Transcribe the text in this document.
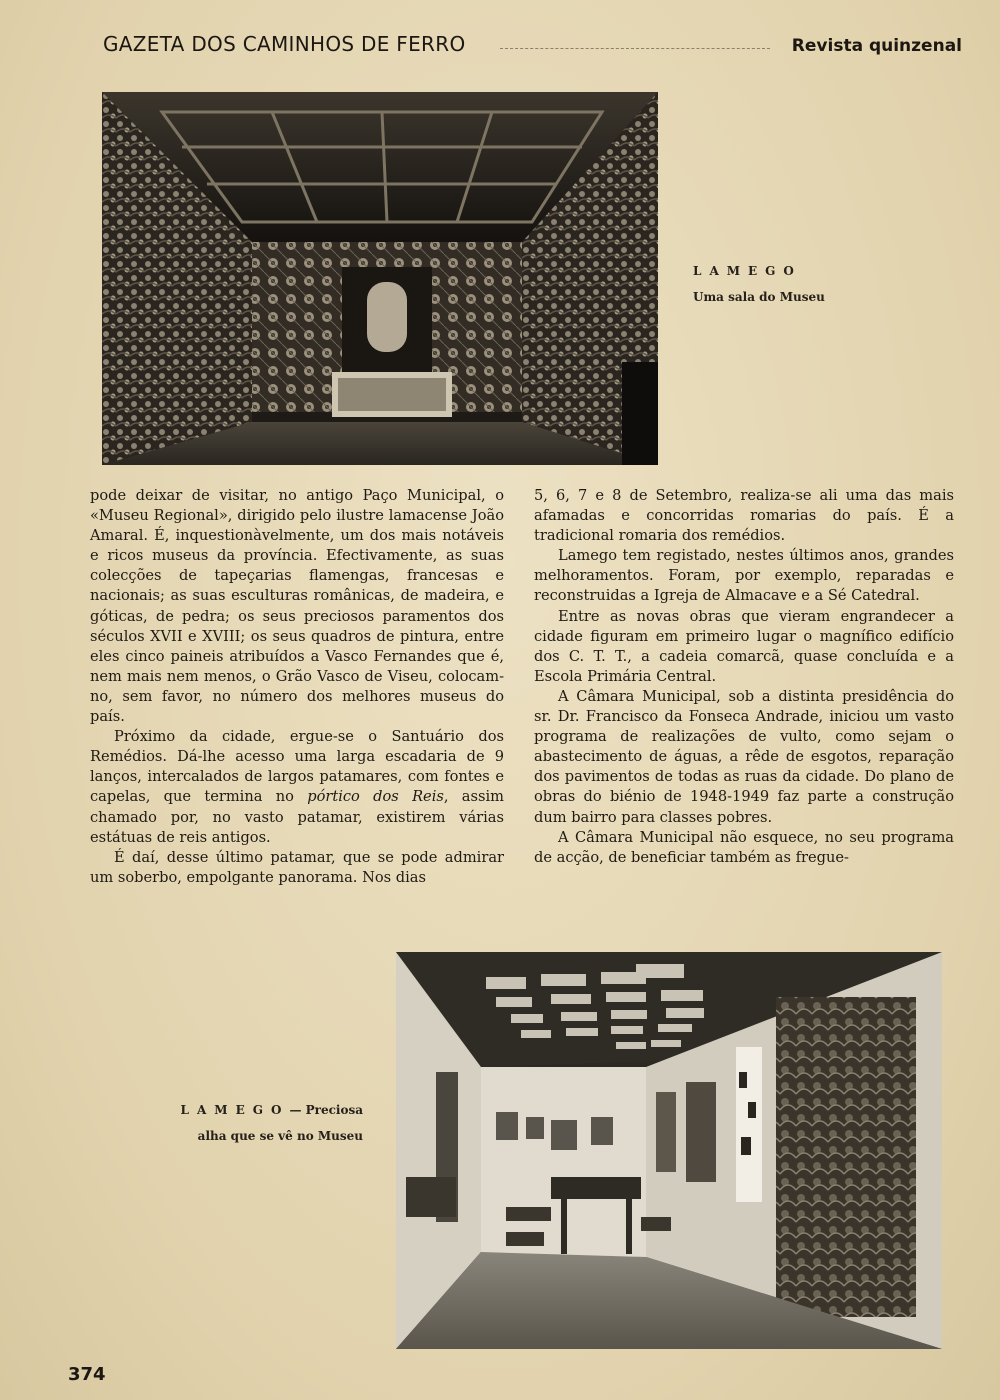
GAZETA DOS CAMINHOS DE FERRO	Revista quinzenal
LAMEGO
Uma sala do Museu

pode deixar de visitar, no antigo Paço Municipal, o «Museu Regional», dirigido pelo ilustre lamacense João Amaral. É, inquestionàvelmente, um dos mais notáveis e ricos museus da província. Efectivamente, as suas colecções de tapeçarias flamengas, francesas e nacionais; as suas esculturas românicas, de madeira, e góticas, de pedra; os seus preciosos paramentos dos séculos XVII e XVIII; os seus quadros de pintura, entre eles cinco paineis atribuídos a Vasco Fernandes que é, nem mais nem menos, o Grão Vasco de Viseu, colocam-no, sem favor, no número dos melhores museus do país.

Próximo da cidade, ergue-se o Santuário dos Remédios. Dá-lhe acesso uma larga escadaria de 9 lanços, intercalados de largos patamares, com fontes e capelas, que termina no pórtico dos Reis, assim chamado por, no vasto patamar, existirem várias estátuas de reis antigos.

É daí, desse último patamar, que se pode admirar um soberbo, empolgante panorama. Nos dias

5, 6, 7 e 8 de Setembro, realiza-se ali uma das mais afamadas e concorridas romarias do país. É a tradicional romaria dos remédios.

Lamego tem registado, nestes últimos anos, grandes melhoramentos. Foram, por exemplo, reparadas e reconstruidas a Igreja de Almacave e a Sé Catedral.

Entre as novas obras que vieram engrandecer a cidade figuram em primeiro lugar o magnífico edifício dos C. T. T., a cadeia comarcã, quase concluída e a Escola Primária Central.

A Câmara Municipal, sob a distinta presidência do sr. Dr. Francisco da Fonseca Andrade, iniciou um vasto programa de realizações de vulto, como sejam o abastecimento de águas, a rêde de esgotos, reparação dos pavimentos de todas as ruas da cidade. Do plano de obras do biénio de 1948-1949 faz parte a construção dum bairro para classes pobres.

A Câmara Municipal não esquece, no seu programa de acção, de beneficiar também as fregue-

LAMEGO— Preciosa
alha que se vê no Museu
374
